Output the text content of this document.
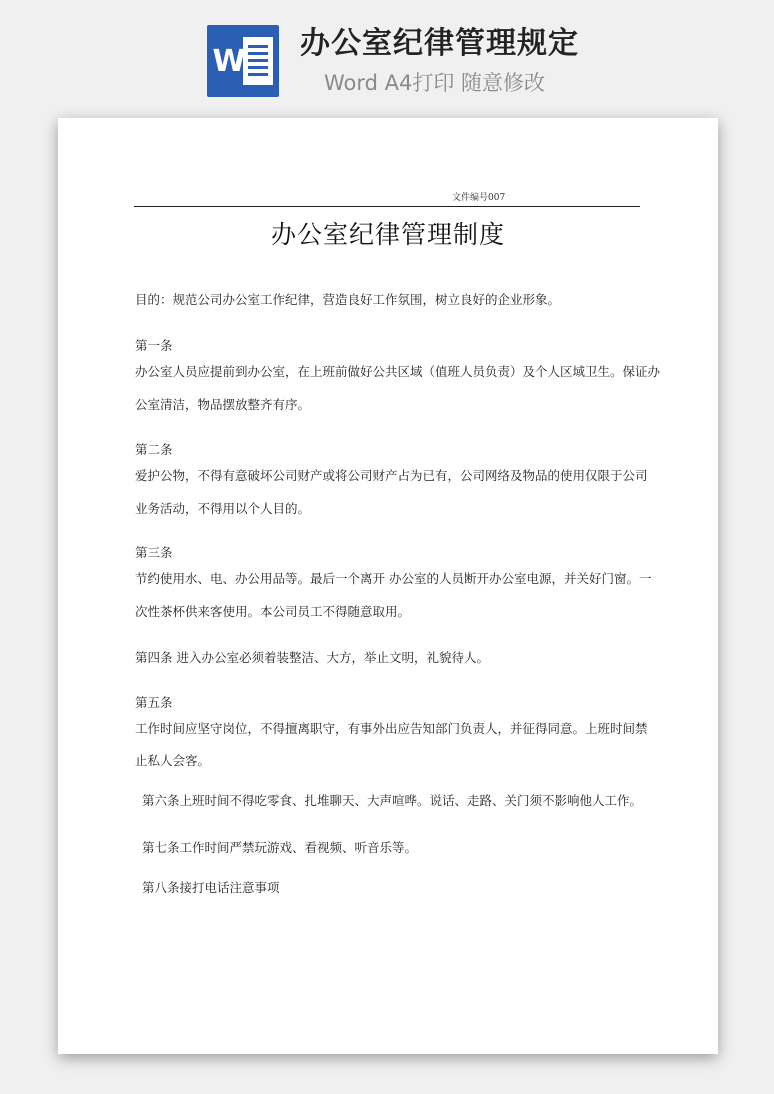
W
办公室纪律管理规定
Word A4打印 随意修改
文件编号007
办公室纪律管理制度
目的：规范公司办公室工作纪律，营造良好工作氛围，树立良好的企业形象。
第一条
办公室人员应提前到办公室，在上班前做好公共区域（值班人员负责）及个人区域卫生。保证办
公室清洁，物品摆放整齐有序。
第二条
爱护公物，不得有意破坏公司财产或将公司财产占为已有，公司网络及物品的使用仅限于公司
业务活动，不得用以个人目的。
第三条
节约使用水、电、办公用品等。最后一个离开 办公室的人员断开办公室电源，并关好门窗。一
次性茶杯供来客使用。本公司员工不得随意取用。
第四条 进入办公室必须着装整洁、大方，举止文明，礼貌待人。
第五条
工作时间应坚守岗位，不得擅离职守，有事外出应告知部门负责人，并征得同意。上班时间禁
止私人会客。
第六条上班时间不得吃零食、扎堆聊天、大声喧哗。说话、走路、关门须不影响他人工作。
第七条工作时间严禁玩游戏、看视频、听音乐等。
第八条接打电话注意事项
